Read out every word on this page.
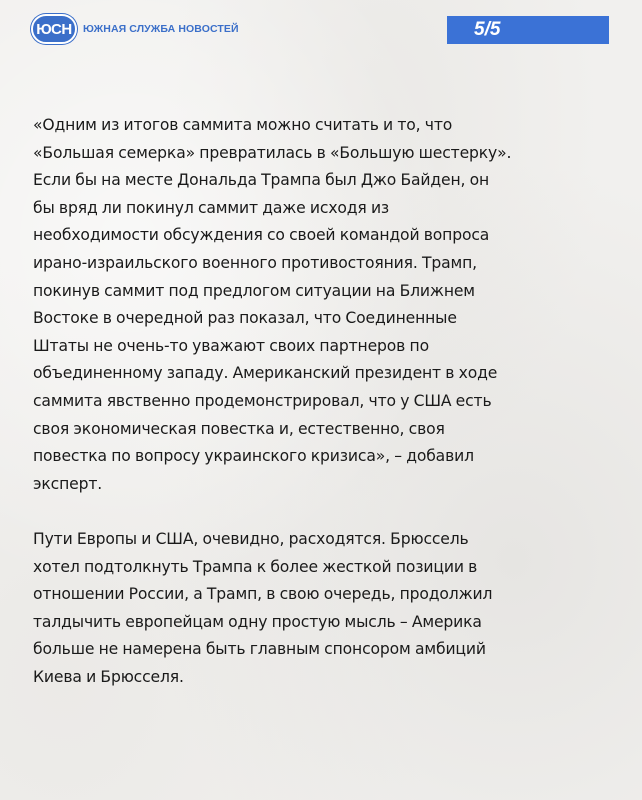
ЮСН	ЮЖНАЯ СЛУЖБА НОВОСТЕЙ	5/5

«Одним из итогов саммита можно считать и то, что
«Большая семерка» превратилась в «Большую шестерку».
Если бы на месте Дональда Трампа был Джо Байден, он
бы вряд ли покинул саммит даже исходя из
необходимости обсуждения со своей командой вопроса
ирано-израильского военного противостояния. Трамп,
покинув саммит под предлогом ситуации на Ближнем
Востоке в очередной раз показал, что Соединенные
Штаты не очень-то уважают своих партнеров по
объединенному западу. Американский президент в ходе
саммита явственно продемонстрировал, что у США есть
своя экономическая повестка и, естественно, своя
повестка по вопросу украинского кризиса», – добавил
эксперт.

Пути Европы и США, очевидно, расходятся. Брюссель
хотел подтолкнуть Трампа к более жесткой позиции в
отношении России, а Трамп, в свою очередь, продолжил
талдычить европейцам одну простую мысль – Америка
больше не намерена быть главным спонсором амбиций
Киева и Брюсселя.
